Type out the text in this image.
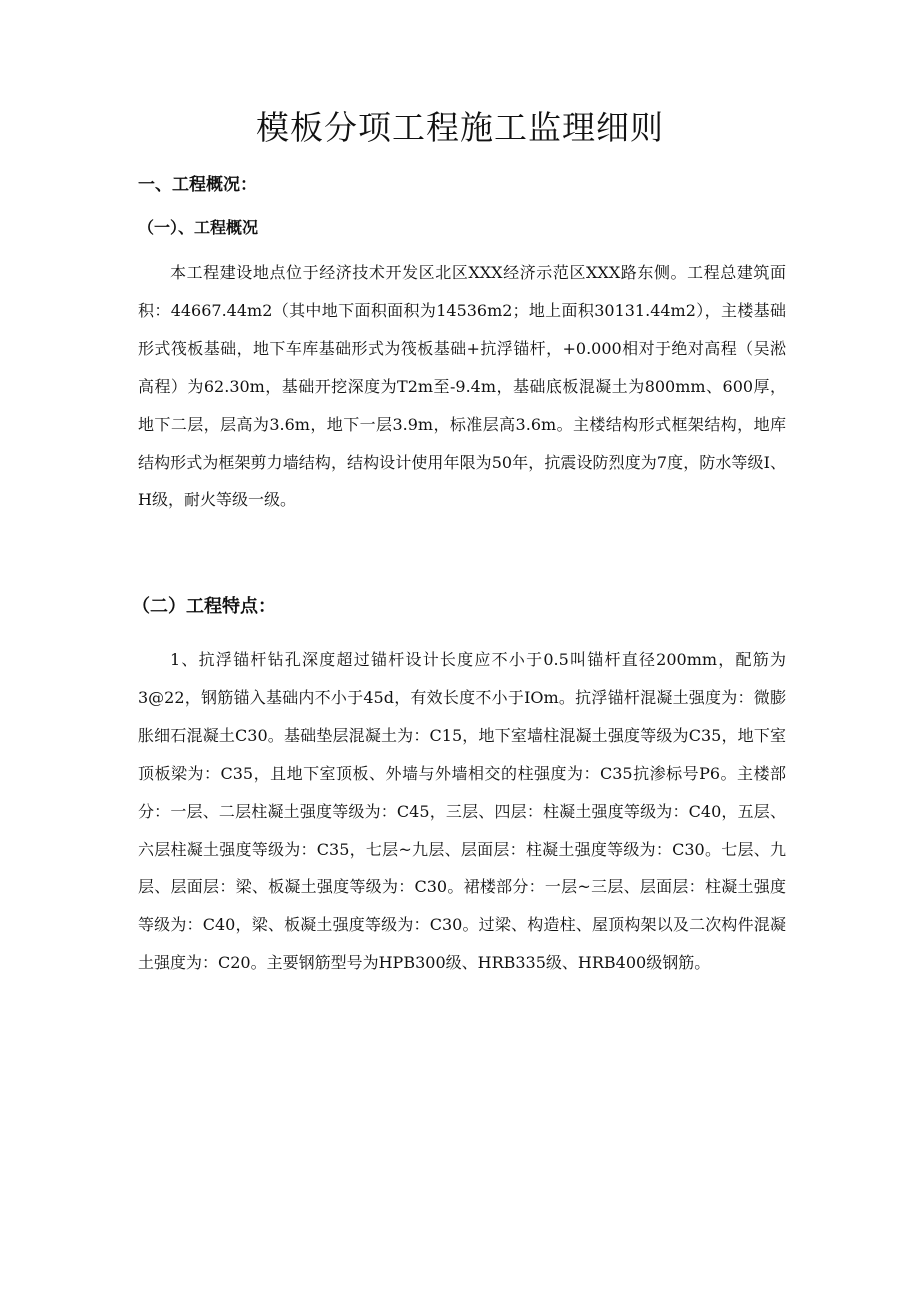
模板分项工程施工监理细则
一、工程概况：
（一）、工程概况

本工程建设地点位于经济技术开发区北区XXX经济示范区XXX路东侧。工程总建筑面积：44667.44m2（其中地下面积面积为14536m2；地上面积30131.44m2），主楼基础形式筏板基础，地下车库基础形式为筏板基础+抗浮锚杆，+0.000相对于绝对高程（吴淞高程）为62.30m，基础开挖深度为T2m至-9.4m，基础底板混凝土为800mm、600厚，地下二层，层高为3.6m，地下一层3.9m，标准层高3.6m。主楼结构形式框架结构，地库结构形式为框架剪力墙结构，结构设计使用年限为50年，抗震设防烈度为7度，防水等级I、H级，耐火等级一级。

（二）工程特点：

1、抗浮锚杆钻孔深度超过锚杆设计长度应不小于0.5叫锚杆直径200mm，配筋为3@22，钢筋锚入基础内不小于45d，有效长度不小于IOm。抗浮锚杆混凝土强度为：微膨胀细石混凝土C30。基础垫层混凝土为：C15，地下室墙柱混凝土强度等级为C35，地下室顶板梁为：C35，且地下室顶板、外墙与外墙相交的柱强度为：C35抗渗标号P6。主楼部分：一层、二层柱凝土强度等级为：C45，三层、四层：柱凝土强度等级为：C40，五层、六层柱凝土强度等级为：C35，七层~九层、层面层：柱凝土强度等级为：C30。七层、九层、层面层：梁、板凝土强度等级为：C30。裙楼部分：一层~三层、层面层：柱凝土强度等级为：C40，梁、板凝土强度等级为：C30。过梁、构造柱、屋顶构架以及二次构件混凝土强度为：C20。主要钢筋型号为HPB300级、HRB335级、HRB400级钢筋。
